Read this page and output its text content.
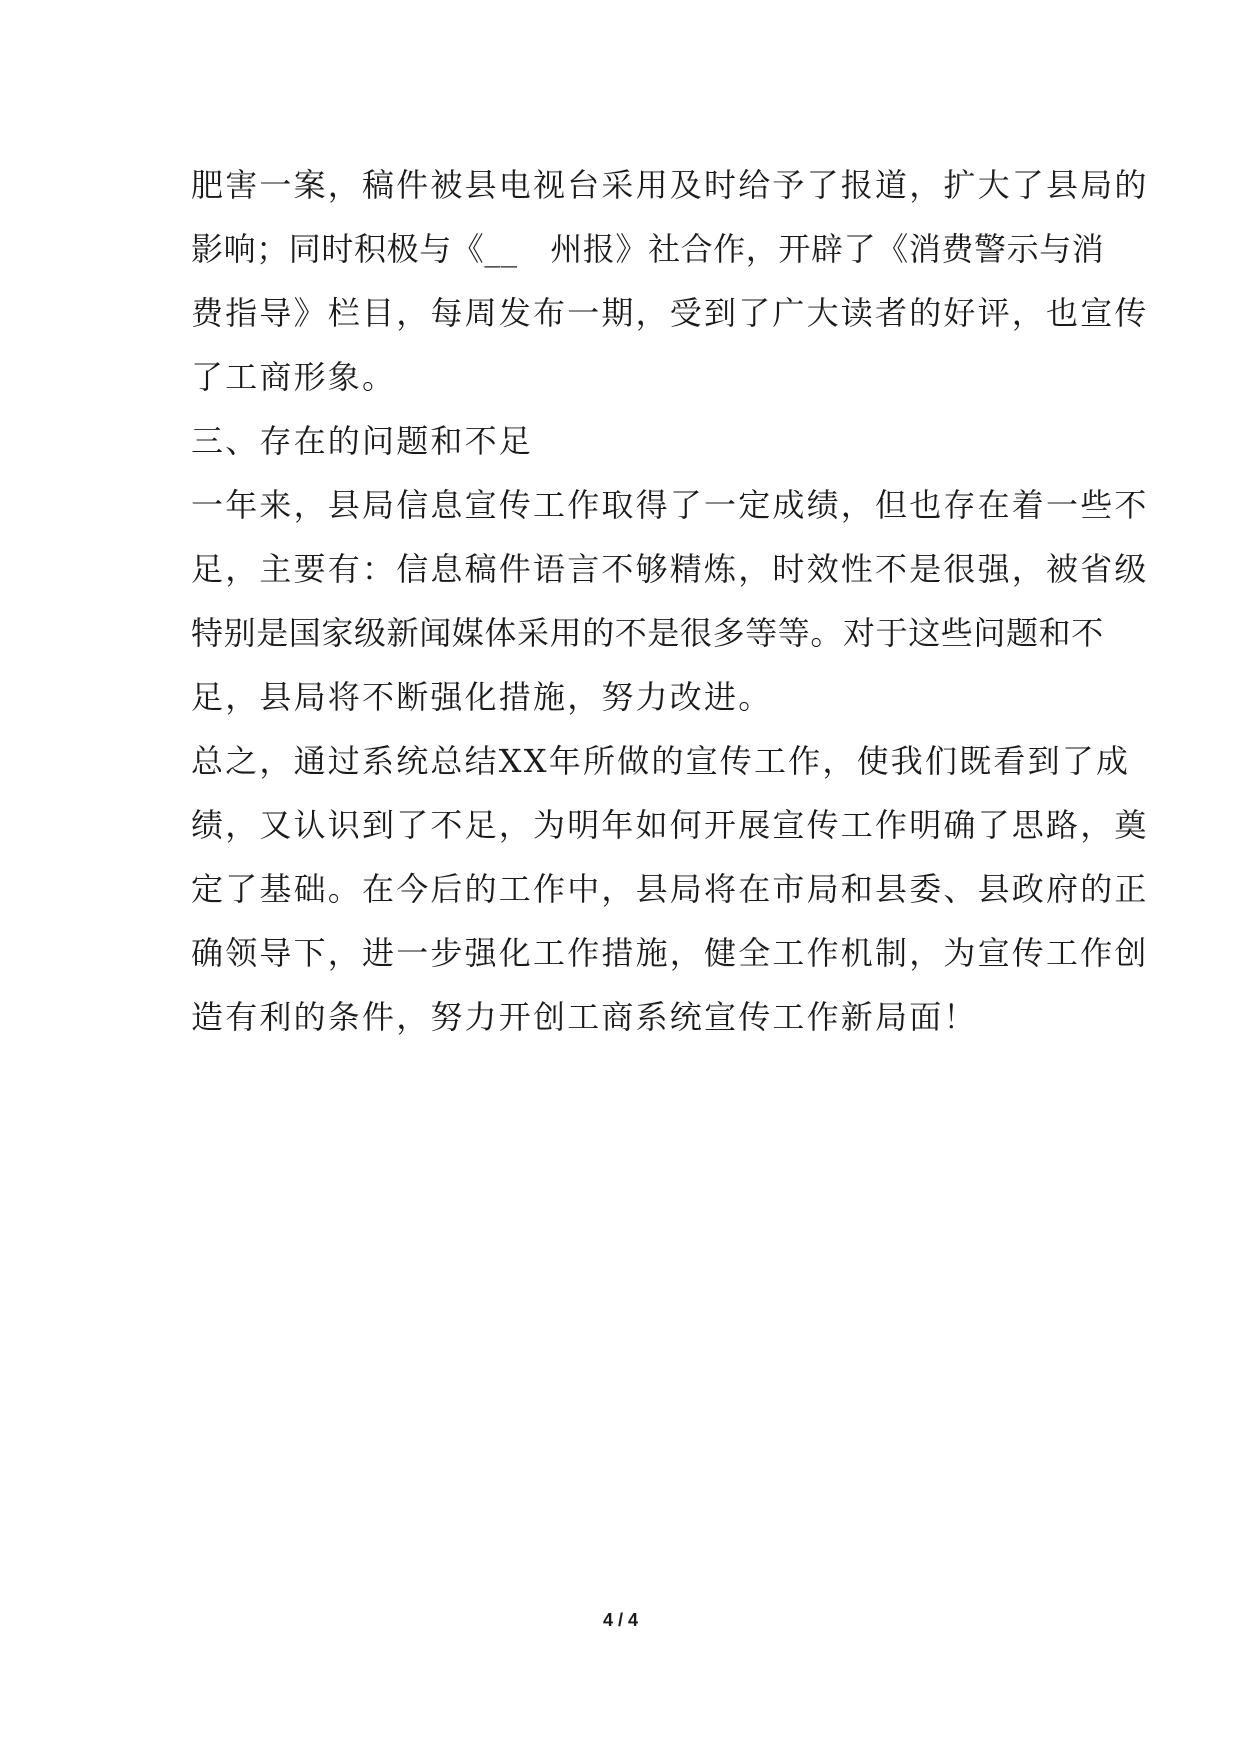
肥害一案，稿件被县电视台采用及时给予了报道，扩大了县局的
影响；同时积极与《__　州报》社合作，开辟了《消费警示与消
费指导》栏目，每周发布一期，受到了广大读者的好评，也宣传
了工商形象。
三、存在的问题和不足
一年来，县局信息宣传工作取得了一定成绩，但也存在着一些不
足，主要有：信息稿件语言不够精炼，时效性不是很强，被省级
特别是国家级新闻媒体采用的不是很多等等。对于这些问题和不
足，县局将不断强化措施，努力改进。
总之，通过系统总结XX年所做的宣传工作，使我们既看到了成
绩，又认识到了不足，为明年如何开展宣传工作明确了思路，奠
定了基础。在今后的工作中，县局将在市局和县委、县政府的正
确领导下，进一步强化工作措施，健全工作机制，为宣传工作创
造有利的条件，努力开创工商系统宣传工作新局面！
4 / 4
